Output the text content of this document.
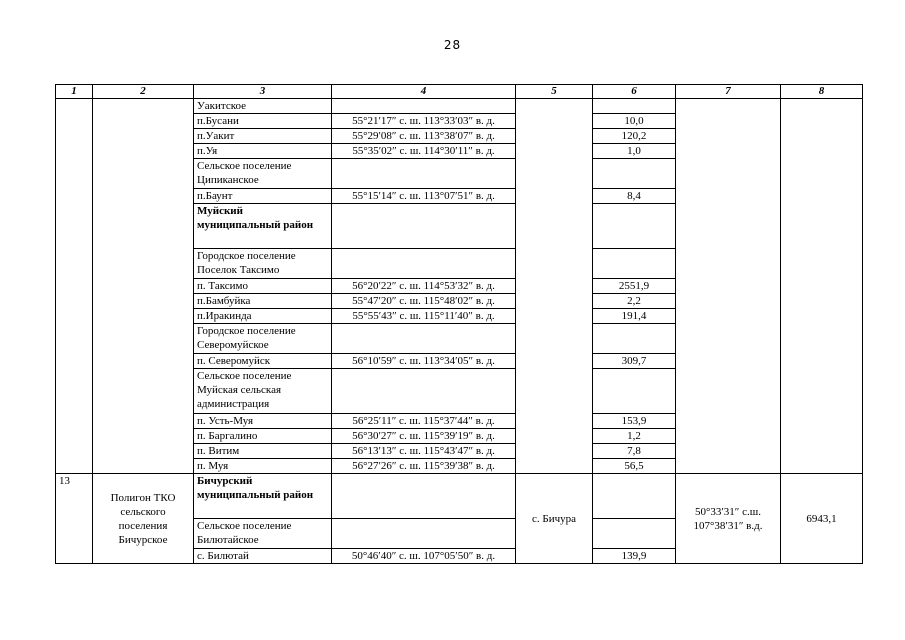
28
1	2	3	4	5	6	7	8
		Уакитское					
		п.Бусани	55°21′17″ с. ш. 113°33′03″ в. д.		10,0		
		п.Уакит	55°29′08″ с. ш. 113°38′07″ в. д.		120,2		
		п.Уя	55°35′02″ с. ш. 114°30′11″ в. д.		1,0		
		Сельское поселение Ципиканское					
		п.Баунт	55°15′14″ с. ш. 113°07′51″ в. д.		8,4		
		Муйский муниципальный район					
		Городское поселение Поселок Таксимо					
		п. Таксимо	56°20′22″ с. ш. 114°53′32″ в. д.		2551,9		
		п.Бамбуйка	55°47′20″ с. ш. 115°48′02″ в. д.		2,2		
		п.Иракинда	55°55′43″ с. ш. 115°11′40″ в. д.		191,4		
		Городское поселение Северомуйское					
		п. Северомуйск	56°10′59″ с. ш. 113°34′05″ в. д.		309,7		
		Сельское поселение Муйская сельская администрация					
		п. Усть-Муя	56°25′11″ с. ш. 115°37′44″ в. д.		153,9		
		п. Баргалино	56°30′27″ с. ш. 115°39′19″ в. д.		1,2		
		п. Витим	56°13′13″ с. ш. 115°43′47″ в. д.		7,8		
		п. Муя	56°27′26″ с. ш. 115°39′38″ в. д.		56,5		
13	Полигон ТКО сельского поселения Бичурское	Бичурский муниципальный район		с. Бичура		50°33′31″ с.ш. 107°38′31″ в.д.	6943,1
		Сельское поселение Билютайское					
		с. Билютай	50°46′40″ с. ш. 107°05′50″ в. д.		139,9		
